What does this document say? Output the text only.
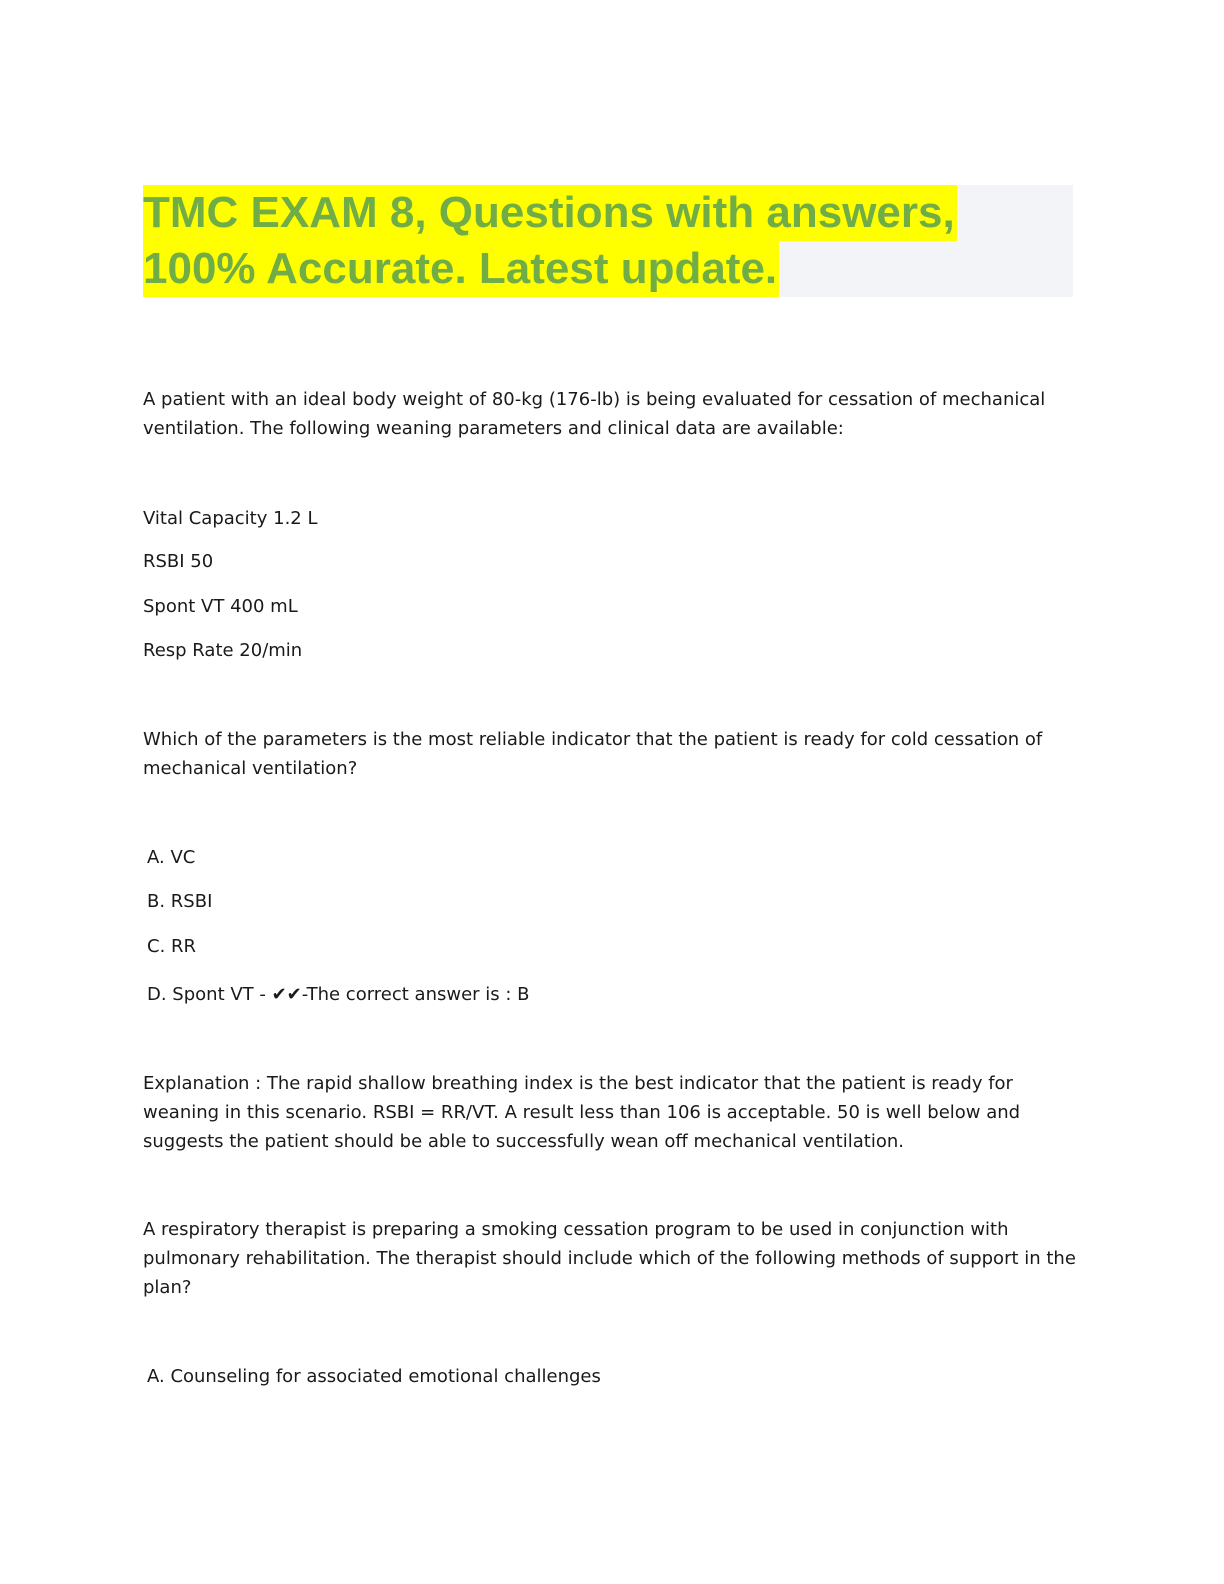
TMC EXAM 8, Questions with answers,
100% Accurate. Latest update.

A patient with an ideal body weight of 80-kg (176-lb) is being evaluated for cessation of mechanical ventilation. The following weaning parameters and clinical data are available:

Vital Capacity 1.2 L

RSBI 50

Spont VT 400 mL

Resp Rate 20/min

Which of the parameters is the most reliable indicator that the patient is ready for cold cessation of mechanical ventilation?

A. VC

B. RSBI

C. RR

D. Spont VT - ✔✔-The correct answer is : B

Explanation : The rapid shallow breathing index is the best indicator that the patient is ready for weaning in this scenario. RSBI = RR/VT. A result less than 106 is acceptable. 50 is well below and suggests the patient should be able to successfully wean off mechanical ventilation.

A respiratory therapist is preparing a smoking cessation program to be used in conjunction with pulmonary rehabilitation. The therapist should include which of the following methods of support in the plan?

A. Counseling for associated emotional challenges
